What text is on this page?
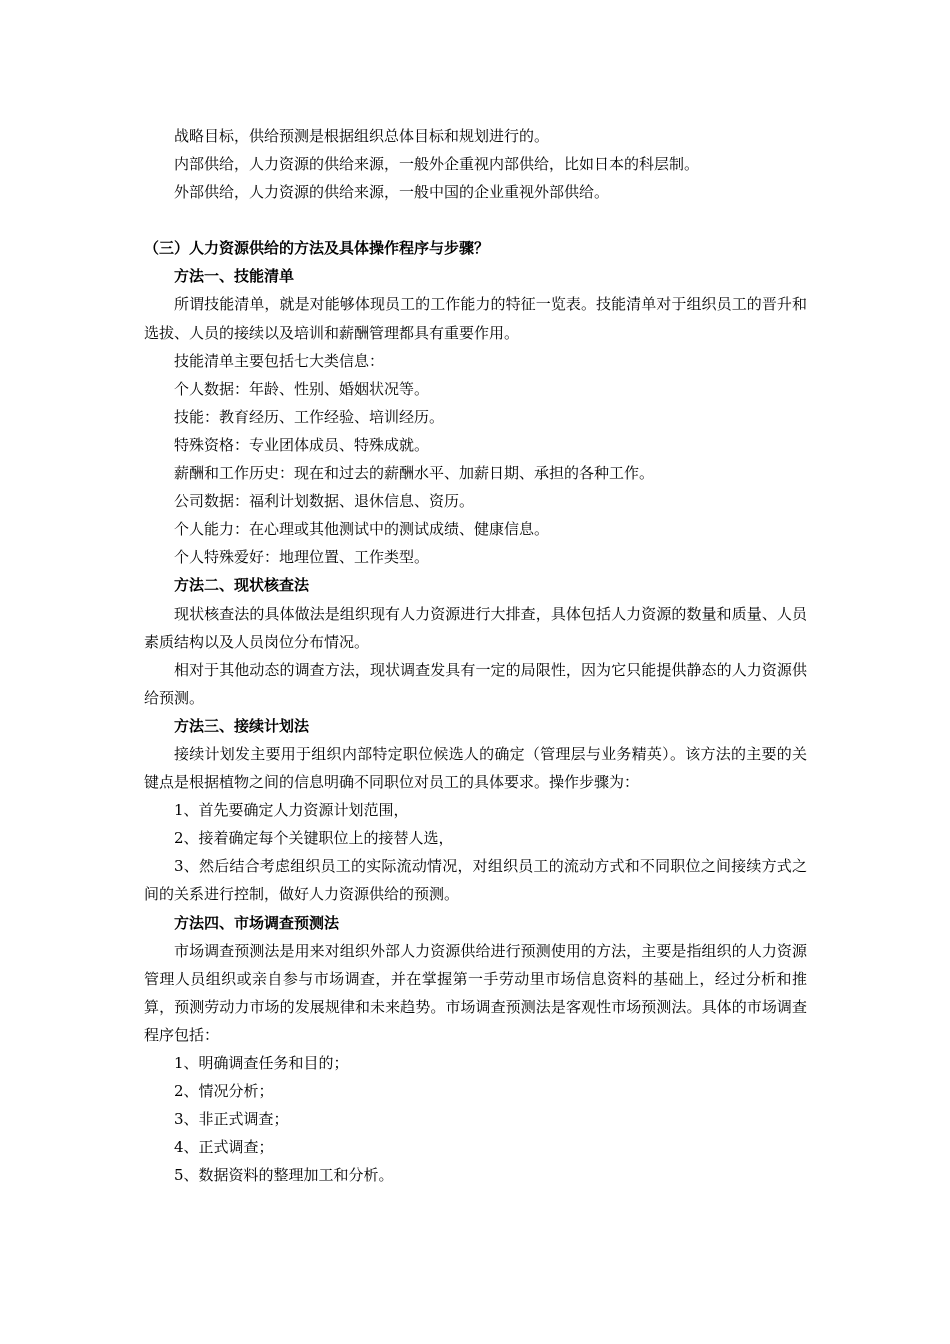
战略目标，供给预测是根据组织总体目标和规划进行的。

内部供给，人力资源的供给来源，一般外企重视内部供给，比如日本的科层制。

外部供给，人力资源的供给来源，一般中国的企业重视外部供给。

（三）人力资源供给的方法及具体操作程序与步骤？

方法一、技能清单

所谓技能清单，就是对能够体现员工的工作能力的特征一览表。技能清单对于组织员工的晋升和选拔、人员的接续以及培训和薪酬管理都具有重要作用。

技能清单主要包括七大类信息：

个人数据：年龄、性别、婚姻状况等。

技能：教育经历、工作经验、培训经历。

特殊资格：专业团体成员、特殊成就。

薪酬和工作历史：现在和过去的薪酬水平、加薪日期、承担的各种工作。

公司数据：福利计划数据、退休信息、资历。

个人能力：在心理或其他测试中的测试成绩、健康信息。

个人特殊爱好：地理位置、工作类型。

方法二、现状核查法

现状核查法的具体做法是组织现有人力资源进行大排查，具体包括人力资源的数量和质量、人员素质结构以及人员岗位分布情况。

相对于其他动态的调查方法，现状调查发具有一定的局限性，因为它只能提供静态的人力资源供给预测。

方法三、接续计划法

接续计划发主要用于组织内部特定职位候选人的确定（管理层与业务精英）。该方法的主要的关键点是根据植物之间的信息明确不同职位对员工的具体要求。操作步骤为：

1、首先要确定人力资源计划范围，

2、接着确定每个关键职位上的接替人选，

3、然后结合考虑组织员工的实际流动情况，对组织员工的流动方式和不同职位之间接续方式之间的关系进行控制，做好人力资源供给的预测。

方法四、市场调查预测法

市场调查预测法是用来对组织外部人力资源供给进行预测使用的方法，主要是指组织的人力资源管理人员组织或亲自参与市场调查，并在掌握第一手劳动里市场信息资料的基础上，经过分析和推算，预测劳动力市场的发展规律和未来趋势。市场调查预测法是客观性市场预测法。具体的市场调查程序包括：

1、明确调查任务和目的；

2、情况分析；

3、非正式调查；

4、正式调查；

5、数据资料的整理加工和分析。
